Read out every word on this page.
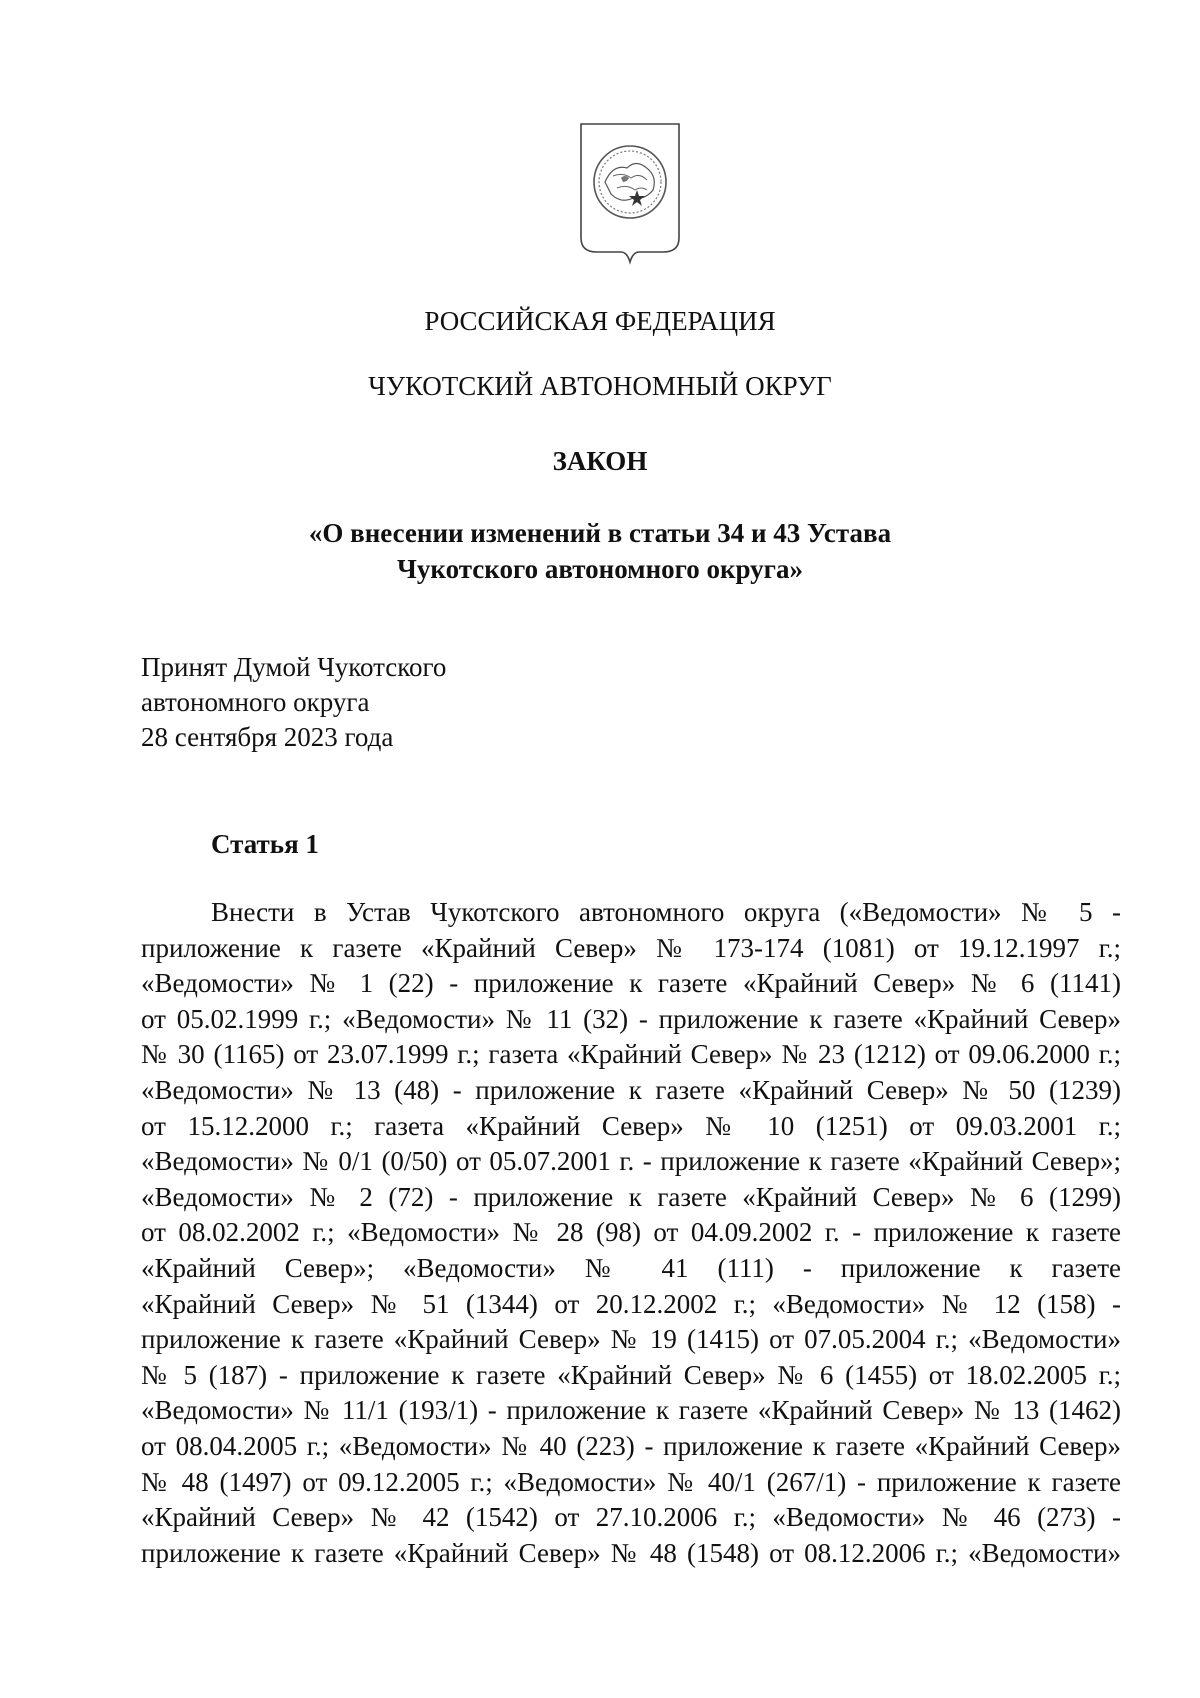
РОССИЙСКАЯ ФЕДЕРАЦИЯ
ЧУКОТСКИЙ АВТОНОМНЫЙ ОКРУГ
ЗАКОН
«О внесении изменений в статьи 34 и 43 Устава
Чукотского автономного округа»
Принят Думой Чукотского
автономного округа
28 сентября 2023 года
Статья 1
Внести в Устав Чукотского автономного округа («Ведомости» № 5 -
приложение к газете «Крайний Север» № 173-174 (1081) от 19.12.1997 г.;
«Ведомости» № 1 (22) - приложение к газете «Крайний Север» № 6 (1141)
от 05.02.1999 г.; «Ведомости» № 11 (32) - приложение к газете «Крайний Север»
№ 30 (1165) от 23.07.1999 г.; газета «Крайний Север» № 23 (1212) от 09.06.2000 г.;
«Ведомости» № 13 (48) - приложение к газете «Крайний Север» № 50 (1239)
от 15.12.2000 г.; газета «Крайний Север» № 10 (1251) от 09.03.2001 г.;
«Ведомости» № 0/1 (0/50) от 05.07.2001 г. - приложение к газете «Крайний Север»;
«Ведомости» № 2 (72) - приложение к газете «Крайний Север» № 6 (1299)
от 08.02.2002 г.; «Ведомости» № 28 (98) от 04.09.2002 г. - приложение к газете
«Крайний Север»; «Ведомости» № 41 (111) - приложение к газете
«Крайний Север» № 51 (1344) от 20.12.2002 г.; «Ведомости» № 12 (158) -
приложение к газете «Крайний Север» № 19 (1415) от 07.05.2004 г.; «Ведомости»
№ 5 (187) - приложение к газете «Крайний Север» № 6 (1455) от 18.02.2005 г.;
«Ведомости» № 11/1 (193/1) - приложение к газете «Крайний Север» № 13 (1462)
от 08.04.2005 г.; «Ведомости» № 40 (223) - приложение к газете «Крайний Север»
№ 48 (1497) от 09.12.2005 г.; «Ведомости» № 40/1 (267/1) - приложение к газете
«Крайний Север» № 42 (1542) от 27.10.2006 г.; «Ведомости» № 46 (273) -
приложение к газете «Крайний Север» № 48 (1548) от 08.12.2006 г.; «Ведомости»
